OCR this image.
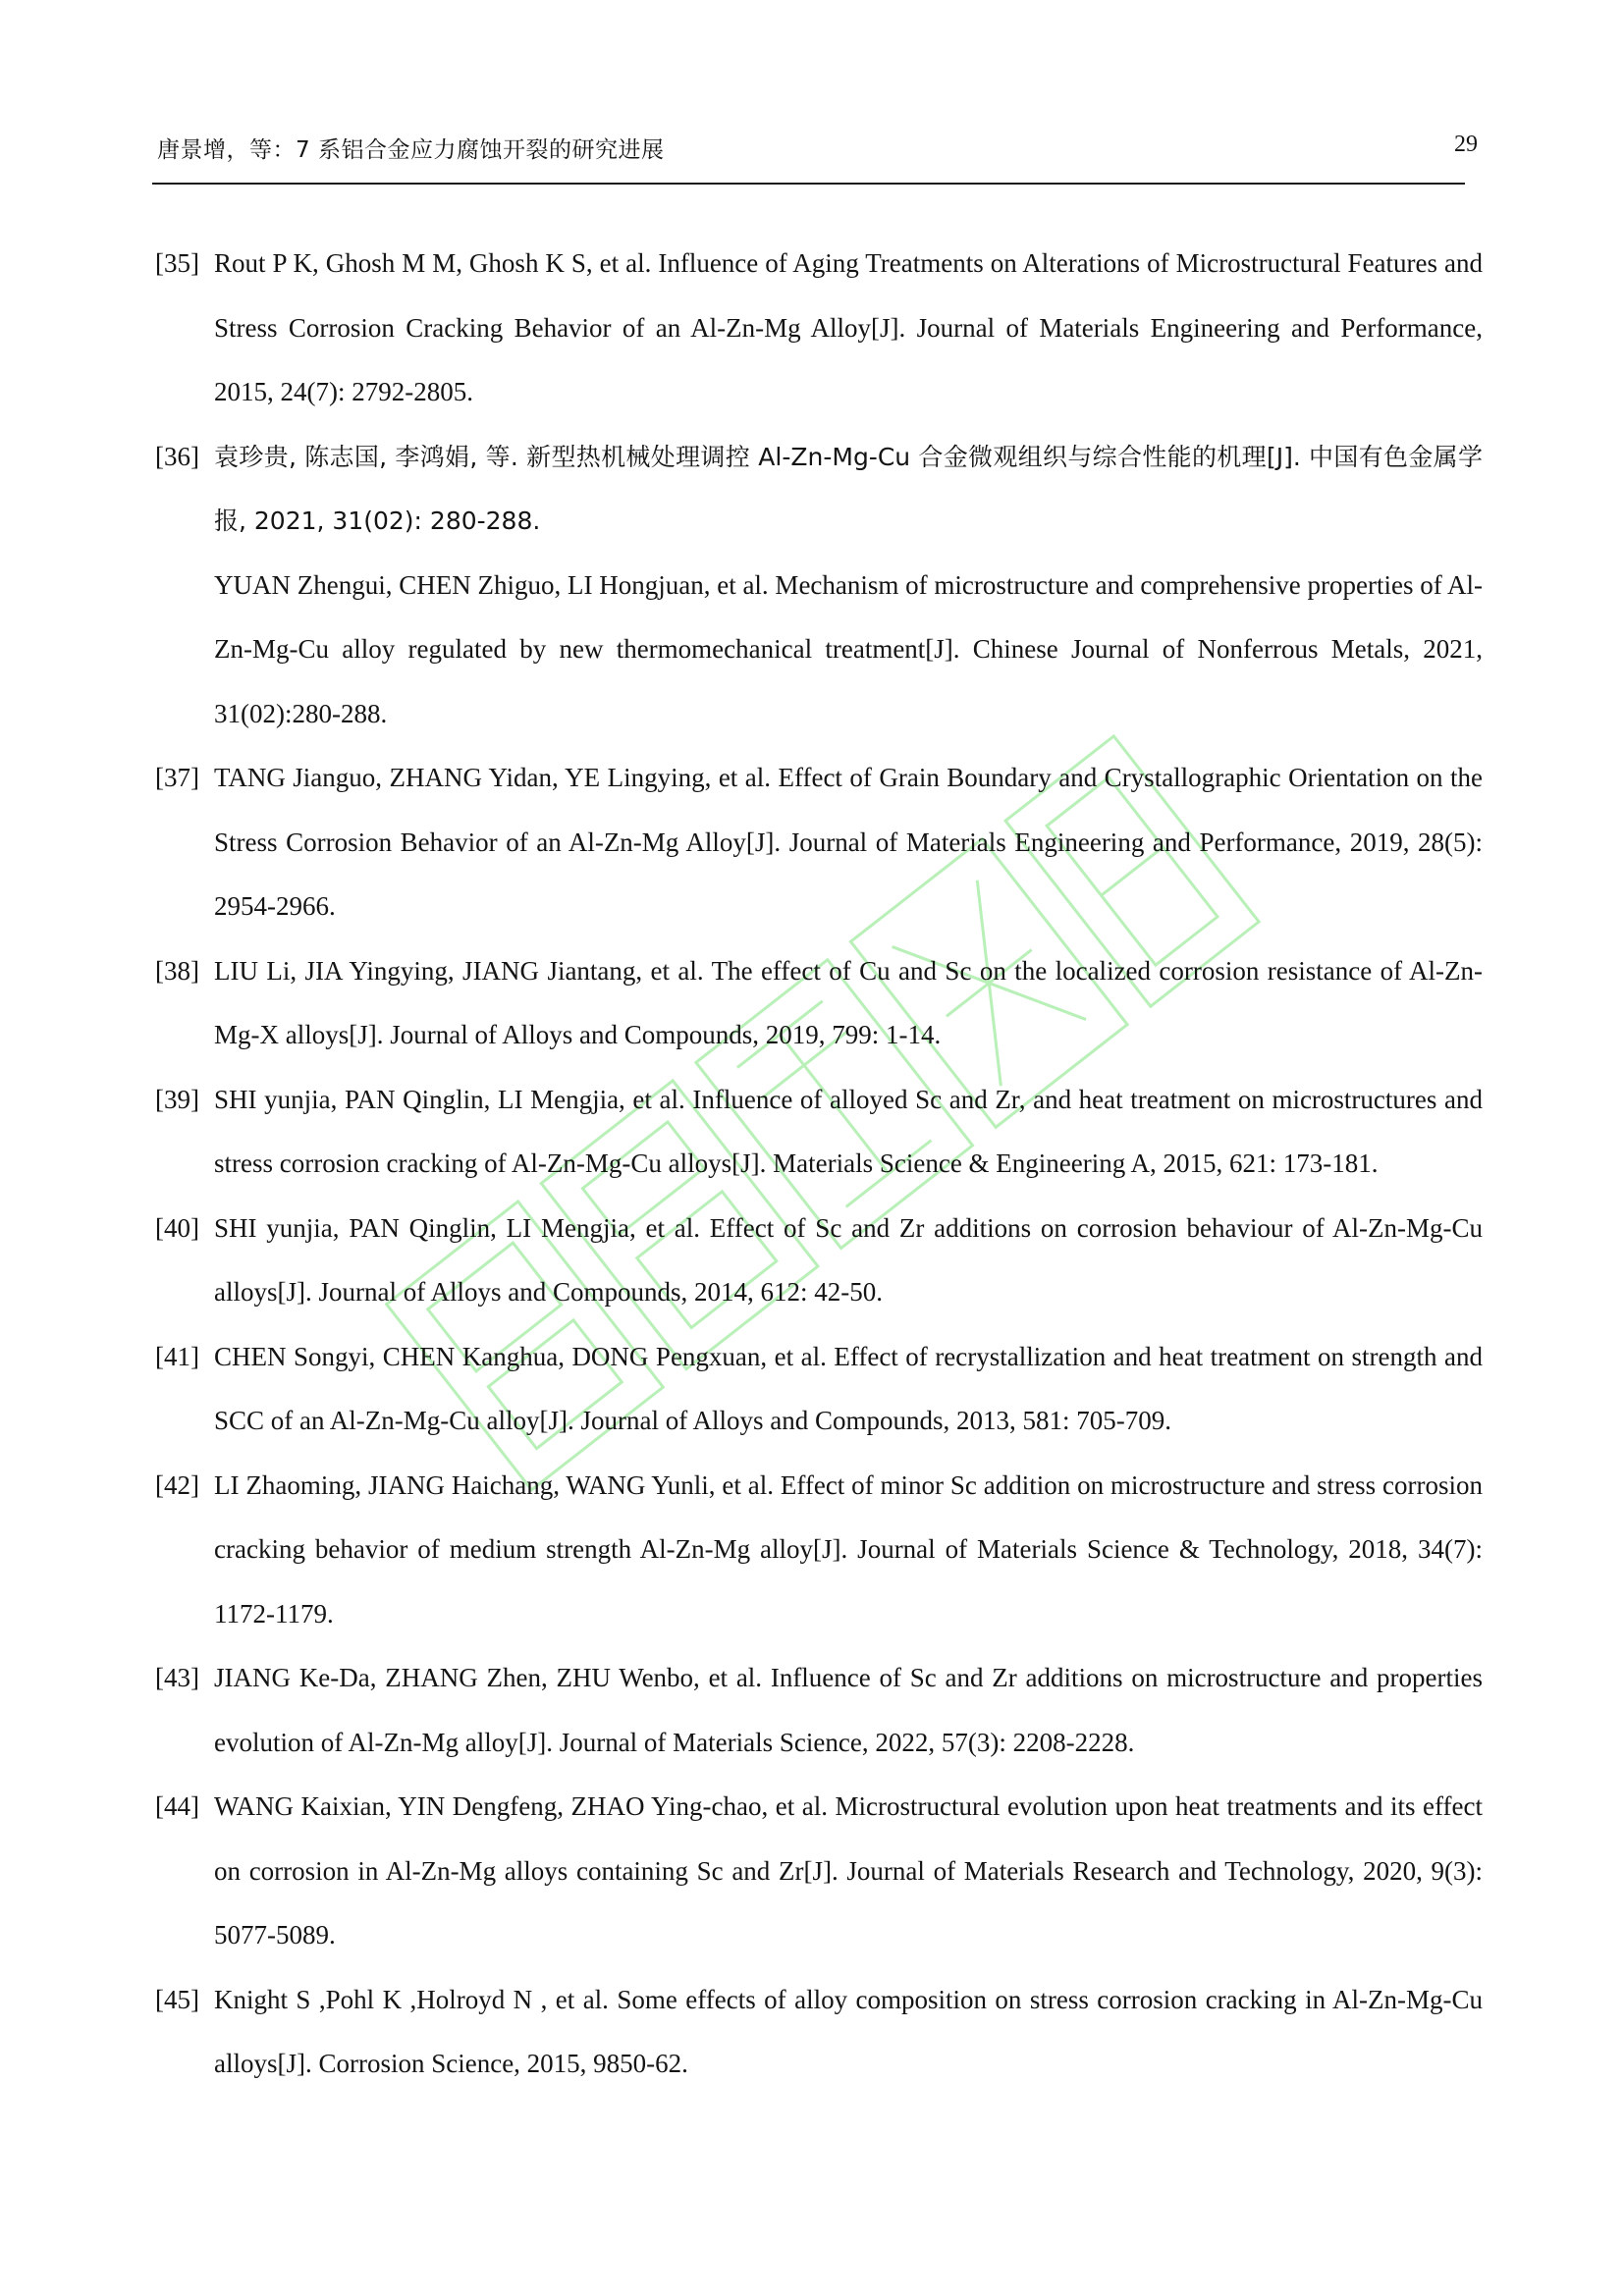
唐景增，等：7 系铝合金应力腐蚀开裂的研究进展	29
[35] Rout P K, Ghosh M M, Ghosh K S, et al. Influence of Aging Treatments on Alterations of Microstructural Features and Stress Corrosion Cracking Behavior of an Al-Zn-Mg Alloy[J]. Journal of Materials Engineering and Performance, 2015, 24(7): 2792-2805.
[36] 袁珍贵, 陈志国, 李鸿娟, 等. 新型热机械处理调控 Al-Zn-Mg-Cu 合金微观组织与综合性能的机理[J]. 中国有色金属学报, 2021, 31(02): 280-288.
YUAN Zhengui, CHEN Zhiguo, LI Hongjuan, et al. Mechanism of microstructure and comprehensive properties of Al-Zn-Mg-Cu alloy regulated by new thermomechanical treatment[J]. Chinese Journal of Nonferrous Metals, 2021, 31(02):280-288.
[37] TANG Jianguo, ZHANG Yidan, YE Lingying, et al. Effect of Grain Boundary and Crystallographic Orientation on the Stress Corrosion Behavior of an Al-Zn-Mg Alloy[J]. Journal of Materials Engineering and Performance, 2019, 28(5): 2954-2966.
[38] LIU Li, JIA Yingying, JIANG Jiantang, et al. The effect of Cu and Sc on the localized corrosion resistance of Al-Zn-Mg-X alloys[J]. Journal of Alloys and Compounds, 2019, 799: 1-14.
[39] SHI yunjia, PAN Qinglin, LI Mengjia, et al. Influence of alloyed Sc and Zr, and heat treatment on microstructures and stress corrosion cracking of Al-Zn-Mg-Cu alloys[J]. Materials Science & Engineering A, 2015, 621: 173-181.
[40] SHI yunjia, PAN Qinglin, LI Mengjia, et al. Effect of Sc and Zr additions on corrosion behaviour of Al-Zn-Mg-Cu alloys[J]. Journal of Alloys and Compounds, 2014, 612: 42-50.
[41] CHEN Songyi, CHEN Kanghua, DONG Pengxuan, et al. Effect of recrystallization and heat treatment on strength and SCC of an Al-Zn-Mg-Cu alloy[J]. Journal of Alloys and Compounds, 2013, 581: 705-709.
[42] LI Zhaoming, JIANG Haichang, WANG Yunli, et al. Effect of minor Sc addition on microstructure and stress corrosion cracking behavior of medium strength Al-Zn-Mg alloy[J]. Journal of Materials Science & Technology, 2018, 34(7): 1172-1179.
[43] JIANG Ke-Da, ZHANG Zhen, ZHU Wenbo, et al. Influence of Sc and Zr additions on microstructure and properties evolution of Al-Zn-Mg alloy[J]. Journal of Materials Science, 2022, 57(3): 2208-2228.
[44] WANG Kaixian, YIN Dengfeng, ZHAO Ying-chao, et al. Microstructural evolution upon heat treatments and its effect on corrosion in Al-Zn-Mg alloys containing Sc and Zr[J]. Journal of Materials Research and Technology, 2020, 9(3): 5077-5089.
[45] Knight S ,Pohl K ,Holroyd N , et al. Some effects of alloy composition on stress corrosion cracking in Al-Zn-Mg-Cu alloys[J]. Corrosion Science, 2015, 9850-62.
